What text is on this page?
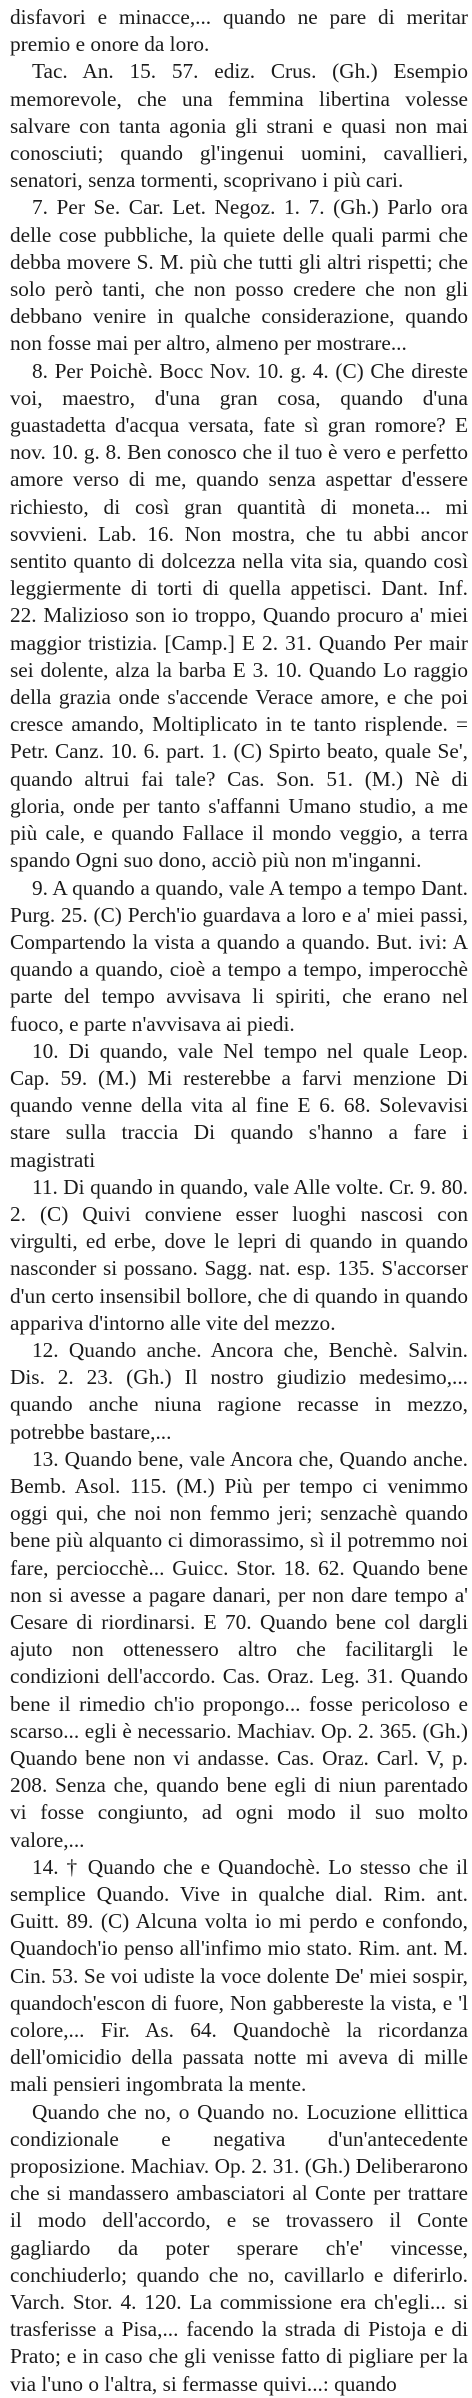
disfavori e minacce,... quando ne pare di meritar premio e onore da loro.

Tac. An. 15. 57. ediz. Crus. (Gh.) Esempio memorevole, che una femmina libertina volesse salvare con tanta agonia gli strani e quasi non mai conosciuti; quando gl'ingenui uomini, cavallieri, senatori, senza tormenti, scoprivano i più cari.

7. Per Se. Car. Let. Negoz. 1. 7. (Gh.) Parlo ora delle cose pubbliche, la quiete delle quali parmi che debba movere S. M. più che tutti gli altri rispetti; che solo però tanti, che non posso credere che non gli debbano venire in qualche considerazione, quando non fosse mai per altro, almeno per mostrare...

8. Per Poichè. Bocc Nov. 10. g. 4. (C) Che direste voi, maestro, d'una gran cosa, quando d'una guastadetta d'acqua versata, fate sì gran romore? E nov. 10. g. 8. Ben conosco che il tuo è vero e perfetto amore verso di me, quando senza aspettar d'essere richiesto, di così gran quantità di moneta... mi sovvieni. Lab. 16. Non mostra, che tu abbi ancor sentito quanto di dolcezza nella vita sia, quando così leggiermente di torti di quella appetisci. Dant. Inf. 22. Malizioso son io troppo, Quando procuro a' miei maggior tristizia. [Camp.] E 2. 31. Quando Per mair sei dolente, alza la barba E 3. 10. Quando Lo raggio della grazia onde s'accende Verace amore, e che poi cresce amando, Moltiplicato in te tanto risplende. = Petr. Canz. 10. 6. part. 1. (C) Spirto beato, quale Se', quando altrui fai tale? Cas. Son. 51. (M.) Nè di gloria, onde per tanto s'affanni Umano studio, a me più cale, e quando Fallace il mondo veggio, a terra spando Ogni suo dono, acciò più non m'inganni.

9. A quando a quando, vale A tempo a tempo Dant. Purg. 25. (C) Perch'io guardava a loro e a' miei passi, Compartendo la vista a quando a quando. But. ivi: A quando a quando, cioè a tempo a tempo, imperocchè parte del tempo avvisava li spiriti, che erano nel fuoco, e parte n'avvisava ai piedi.

10. Di quando, vale Nel tempo nel quale Leop. Cap. 59. (M.) Mi resterebbe a farvi menzione Di quando venne della vita al fine E 6. 68. Solevavisi stare sulla traccia Di quando s'hanno a fare i magistrati

11. Di quando in quando, vale Alle volte. Cr. 9. 80. 2. (C) Quivi conviene esser luoghi nascosi con virgulti, ed erbe, dove le lepri di quando in quando nasconder si possano. Sagg. nat. esp. 135. S'accorser d'un certo insensibil bollore, che di quando in quando appariva d'intorno alle vite del mezzo.

12. Quando anche. Ancora che, Benchè. Salvin. Dis. 2. 23. (Gh.) Il nostro giudizio medesimo,... quando anche niuna ragione recasse in mezzo, potrebbe bastare,...

13. Quando bene, vale Ancora che, Quando anche. Bemb. Asol. 115. (M.) Più per tempo ci venimmo oggi qui, che noi non femmo jeri; senzachè quando bene più alquanto ci dimorassimo, sì il potremmo noi fare, perciocchè... Guicc. Stor. 18. 62. Quando bene non si avesse a pagare danari, per non dare tempo a' Cesare di riordinarsi. E 70. Quando bene col dargli ajuto non ottenessero altro che facilitargli le condizioni dell'accordo. Cas. Oraz. Leg. 31. Quando bene il rimedio ch'io propongo... fosse pericoloso e scarso... egli è necessario. Machiav. Op. 2. 365. (Gh.) Quando bene non vi andasse. Cas. Oraz. Carl. V, p. 208. Senza che, quando bene egli di niun parentado vi fosse congiunto, ad ogni modo il suo molto valore,...

14. † Quando che e Quandochè. Lo stesso che il semplice Quando. Vive in qualche dial. Rim. ant. Guitt. 89. (C) Alcuna volta io mi perdo e confondo, Quandoch'io penso all'infimo mio stato. Rim. ant. M. Cin. 53. Se voi udiste la voce dolente De' miei sospir, quandoch'escon di fuore, Non gabbereste la vista, e 'l colore,... Fir. As. 64. Quandochè la ricordanza dell'omicidio della passata notte mi aveva di mille mali pensieri ingombrata la mente.

Quando che no, o Quando no. Locuzione ellittica condizionale e negativa d'un'antecedente proposizione. Machiav. Op. 2. 31. (Gh.) Deliberarono che si mandassero ambasciatori al Conte per trattare il modo dell'accordo, e se trovassero il Conte gagliardo da poter sperare ch'e' vincesse, conchiuderlo; quando che no, cavillarlo e diferirlo. Varch. Stor. 4. 120. La commissione era ch'egli... si trasferisse a Pisa,... facendo la strada di Pistoja e di Prato; e in caso che gli venisse fatto di pigliare per la via l'uno o l'altra, si fermasse quivi...: quando
